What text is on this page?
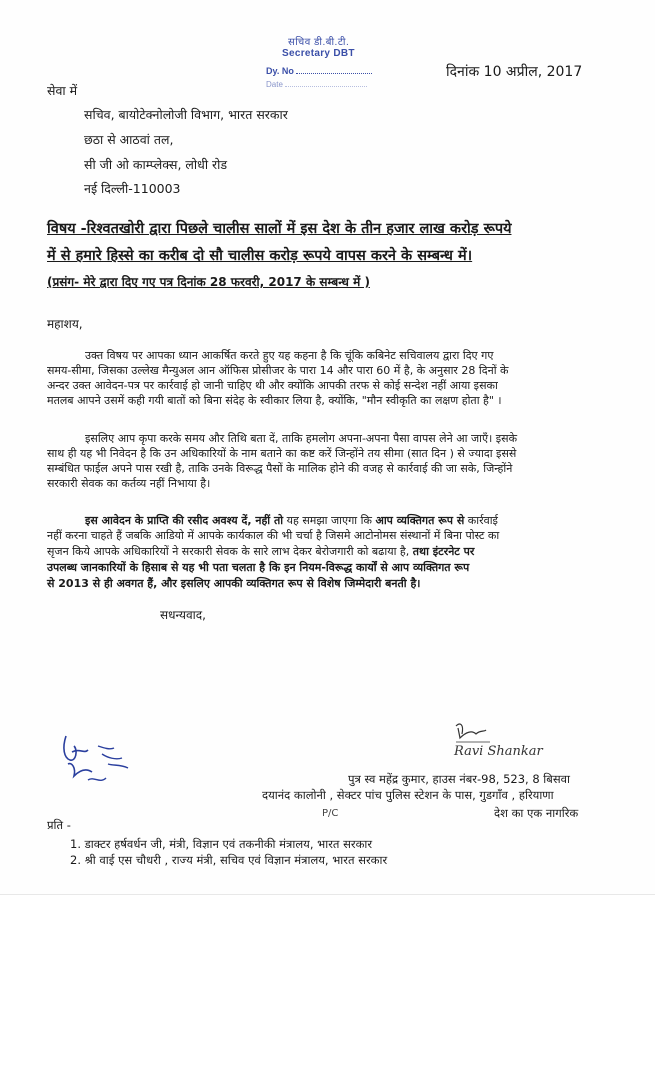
सचिव डी.बी.टी.
Secretary DBT
Dy. No
Date
दिनांक 10 अप्रील, 2017
सेवा में
सचिव, बायोटेक्नोलोजी विभाग, भारत सरकार
छठा से आठवां तल,
सी जी ओ काम्प्लेक्स, लोधी रोड
नई दिल्ली-110003
विषय -रिश्वतखोरी द्वारा पिछले चालीस सालों में इस देश के तीन हजार लाख करोड़ रूपये
में से हमारे हिस्से का करीब दो सौ चालीस करोड़ रूपये वापस करने के सम्बन्ध में।
(प्रसंग- मेरे द्वारा दिए गए पत्र दिनांक 28 फरवरी, 2017 के सम्बन्ध में )
महाशय,
उक्त विषय पर आपका ध्यान आकर्षित करते हुए यह कहना है कि चूंकि कबिनेट सचिवालय द्वारा दिए गए
समय-सीमा, जिसका उल्लेख मैन्युअल आन ऑफिस प्रोसीजर के पारा 14 और पारा 60 में है, के अनुसार 28 दिनों के
अन्दर उक्त आवेदन-पत्र पर कार्रवाई हो जानी चाहिए थी और क्योंकि आपकी तरफ से कोई सन्देश नहीं आया इसका
मतलब आपने उसमें कही गयी बातों को बिना संदेह के स्वीकार लिया है, क्योंकि, "मौन स्वीकृति का लक्षण होता है" ।
इसलिए आप कृपा करके समय और तिथि बता दें, ताकि हमलोग अपना-अपना पैसा वापस लेने आ जाएँ। इसके
साथ ही यह भी निवेदन है कि उन अधिकारियों के नाम बताने का कष्ट करें जिन्होंने तय सीमा (सात दिन ) से ज्यादा इससे
सम्बंधित फाईल अपने पास रखी है, ताकि उनके विरूद्ध पैसों के मालिक होने की वजह से कार्रवाई की जा सके, जिन्होंने
सरकारी सेवक का कर्तव्य नहीं निभाया है।
इस आवेदन के प्राप्ति की रसीद अवश्य दें, नहीं तो यह समझा जाएगा कि आप व्यक्तिगत रूप से कार्रवाई
नहीं करना चाहते हैं जबकि आडियो में आपके कार्यकाल की भी चर्चा है जिसमे आटोनोमस संस्थानों में बिना पोस्ट का
सृजन किये आपके अधिकारियों ने सरकारी सेवक के सारे लाभ देकर बेरोजगारी को बढाया है, तथा इंटरनेट पर
उपलब्ध जानकारियों के हिसाब से यह भी पता चलता है कि इन नियम-विरूद्ध कार्यों से आप व्यक्तिगत रूप
से 2013 से ही अवगत हैं, और इसलिए आपकी व्यक्तिगत रूप से विशेष जिम्मेदारी बनती है।
सधन्यवाद,
Ravi Shankar
पुत्र स्व महेंद्र कुमार, हाउस नंबर-98, 523, 8 बिसवा
दयानंद कालोनी , सेक्टर पांच पुलिस स्टेशन के पास, गुडगाँव , हरियाणा
देश का एक नागरिक
P/C
प्रति -
1. डाक्टर हर्षवर्धन जी, मंत्री, विज्ञान एवं तकनीकी मंत्रालय, भारत सरकार
2. श्री वाई एस चौधरी , राज्य मंत्री, सचिव एवं विज्ञान मंत्रालय, भारत सरकार
